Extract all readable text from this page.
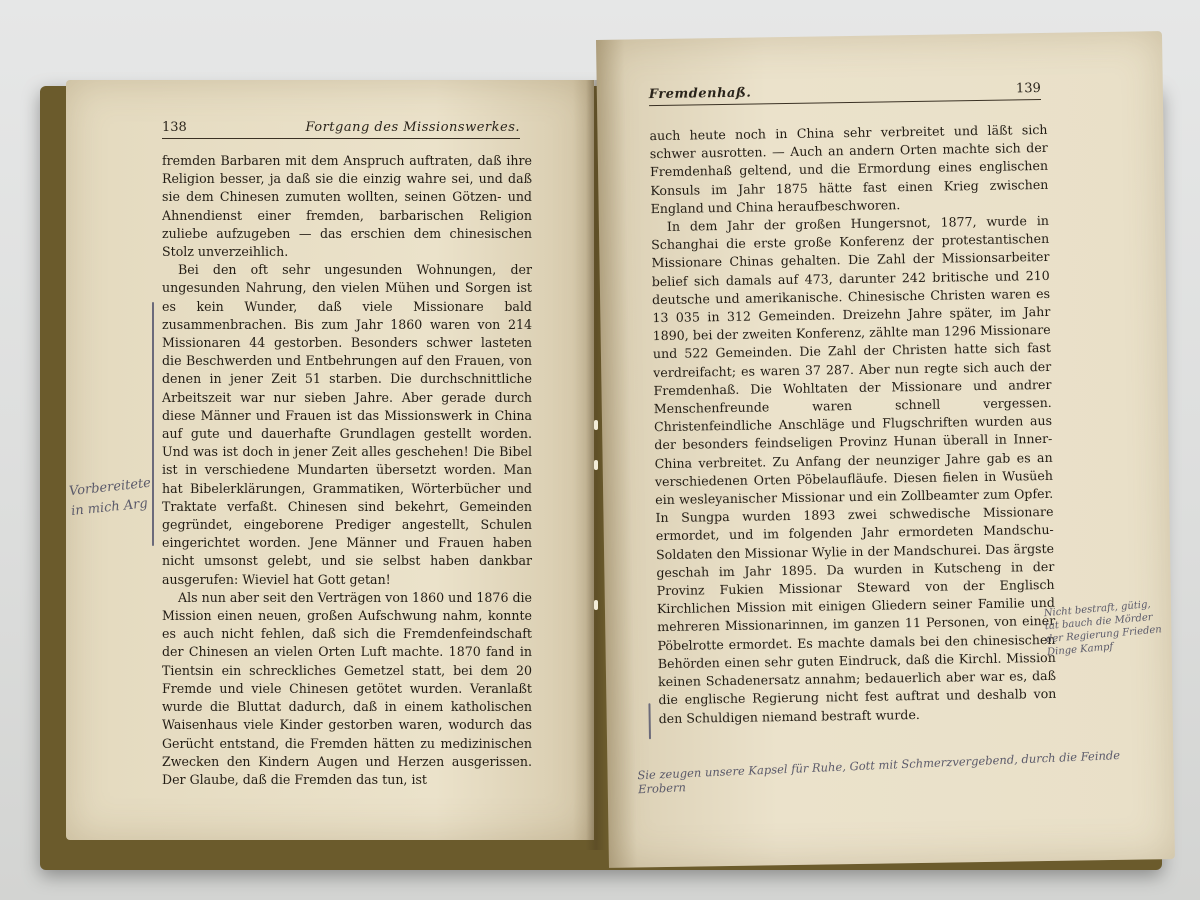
138	Fortgang des Missionswerkes.

fremden Barbaren mit dem Anspruch auftraten, daß ihre Religion besser, ja daß sie die einzig wahre sei, und daß sie dem Chinesen zumuten wollten, seinen Götzen- und Ahnendienst einer fremden, barbarischen Religion zuliebe aufzugeben — das erschien dem chinesischen Stolz unverzeihlich.

Bei den oft sehr ungesunden Wohnungen, der ungesunden Nahrung, den vielen Mühen und Sorgen ist es kein Wunder, daß viele Missionare bald zusammenbrachen. Bis zum Jahr 1860 waren von 214 Missionaren 44 gestorben. Besonders schwer lasteten die Beschwerden und Entbehrungen auf den Frauen, von denen in jener Zeit 51 starben. Die durchschnittliche Arbeitszeit war nur sieben Jahre. Aber gerade durch diese Männer und Frauen ist das Missionswerk in China auf gute und dauerhafte Grundlagen gestellt worden. Und was ist doch in jener Zeit alles geschehen! Die Bibel ist in verschiedene Mundarten übersetzt worden. Man hat Bibelerklärungen, Grammatiken, Wörterbücher und Traktate verfaßt. Chinesen sind bekehrt, Gemeinden gegründet, eingeborene Prediger angestellt, Schulen eingerichtet worden. Jene Männer und Frauen haben nicht umsonst gelebt, und sie selbst haben dankbar ausgerufen: Wieviel hat Gott getan!

Als nun aber seit den Verträgen von 1860 und 1876 die Mission einen neuen, großen Aufschwung nahm, konnte es auch nicht fehlen, daß sich die Fremdenfeindschaft der Chinesen an vielen Orten Luft machte. 1870 fand in Tientsin ein schreckliches Gemetzel statt, bei dem 20 Fremde und viele Chinesen getötet wurden. Veranlaßt wurde die Bluttat dadurch, daß in einem katholischen Waisenhaus viele Kinder gestorben waren, wodurch das Gerücht entstand, die Fremden hätten zu medizinischen Zwecken den Kindern Augen und Herzen ausgerissen. Der Glaube, daß die Fremden das tun, ist

Vorbereitete in mich Arg
Fremdenhaß.	139

auch heute noch in China sehr verbreitet und läßt sich schwer ausrotten. — Auch an andern Orten machte sich der Fremdenhaß geltend, und die Ermordung eines englischen Konsuls im Jahr 1875 hätte fast einen Krieg zwischen England und China heraufbeschworen.

In dem Jahr der großen Hungersnot, 1877, wurde in Schanghai die erste große Konferenz der protestantischen Missionare Chinas gehalten. Die Zahl der Missionsarbeiter belief sich damals auf 473, darunter 242 britische und 210 deutsche und amerikanische. Chinesische Christen waren es 13 035 in 312 Gemeinden. Dreizehn Jahre später, im Jahr 1890, bei der zweiten Konferenz, zählte man 1296 Missionare und 522 Gemeinden. Die Zahl der Christen hatte sich fast verdreifacht; es waren 37 287. Aber nun regte sich auch der Fremdenhaß. Die Wohltaten der Missionare und andrer Menschenfreunde waren schnell vergessen. Christenfeindliche Anschläge und Flugschriften wurden aus der besonders feindseligen Provinz Hunan überall in Inner-China verbreitet. Zu Anfang der neunziger Jahre gab es an verschiedenen Orten Pöbelaufläufe. Diesen fielen in Wusüeh ein wesleyanischer Missionar und ein Zollbeamter zum Opfer. In Sungpa wurden 1893 zwei schwedische Missionare ermordet, und im folgenden Jahr ermordeten Mandschu-Soldaten den Missionar Wylie in der Mandschurei. Das ärgste geschah im Jahr 1895. Da wurden in Kutscheng in der Provinz Fukien Missionar Steward von der Englisch Kirchlichen Mission mit einigen Gliedern seiner Familie und mehreren Missionarinnen, im ganzen 11 Personen, von einer Pöbelrotte ermordet. Es machte damals bei den chinesischen Behörden einen sehr guten Eindruck, daß die Kirchl. Mission keinen Schadenersatz annahm; bedauerlich aber war es, daß die englische Regierung nicht fest auftrat und deshalb von den Schuldigen niemand bestraft wurde.

Nicht bestraft, gütig, tat bauch die Mörder der Regierung Frieden Dinge Kampf
Sie zeugen unsere Kapsel für Ruhe, Gott mit Schmerzvergebend, durch die Feinde Erobern
